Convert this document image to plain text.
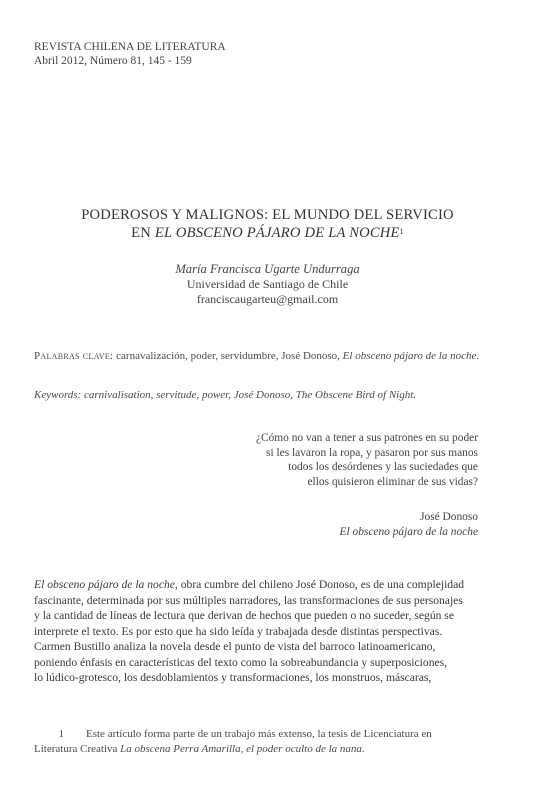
REVISTA CHILENA DE LITERATURA
Abril 2012, Número 81, 145 - 159
PODEROSOS Y MALIGNOS: EL MUNDO DEL SERVICIO
EN EL OBSCENO PÁJARO DE LA NOCHE$^1$
María Francisca Ugarte Undurraga
Universidad de Santiago de Chile
franciscaugarteu@gmail.com
Palabras clave: carnavalización, poder, servidumbre, José Donoso, El obsceno pájaro de la noche.
Keywords: carnivalisation, servitude, power, José Donoso, The Obscene Bird of Night.
¿Cómo no van a tener a sus patrones en su poder
si les lavaron la ropa, y pasaron por sus manos
todos los desórdenes y las suciedades que
ellos quisieron eliminar de sus vidas?
José Donoso
El obsceno pájaro de la noche
El obsceno pájaro de la noche, obra cumbre del chileno José Donoso, es de una complejidad
fascinante, determinada por sus múltiples narradores, las transformaciones de sus personajes
y la cantidad de líneas de lectura que derivan de hechos que pueden o no suceder, según se
interprete el texto. Es por esto que ha sido leída y trabajada desde distintas perspectivas.
Carmen Bustillo analiza la novela desde el punto de vista del barroco latinoamericano,
poniendo énfasis en características del texto como la sobreabundancia y superposiciones,
lo lúdico-grotesco, los desdoblamientos y transformaciones, los monstruos, máscaras,
1 Este artículo forma parte de un trabajo más extenso, la tesis de Licenciatura en
Literatura Creativa La obscena Perra Amarilla, el poder oculto de la nana.
